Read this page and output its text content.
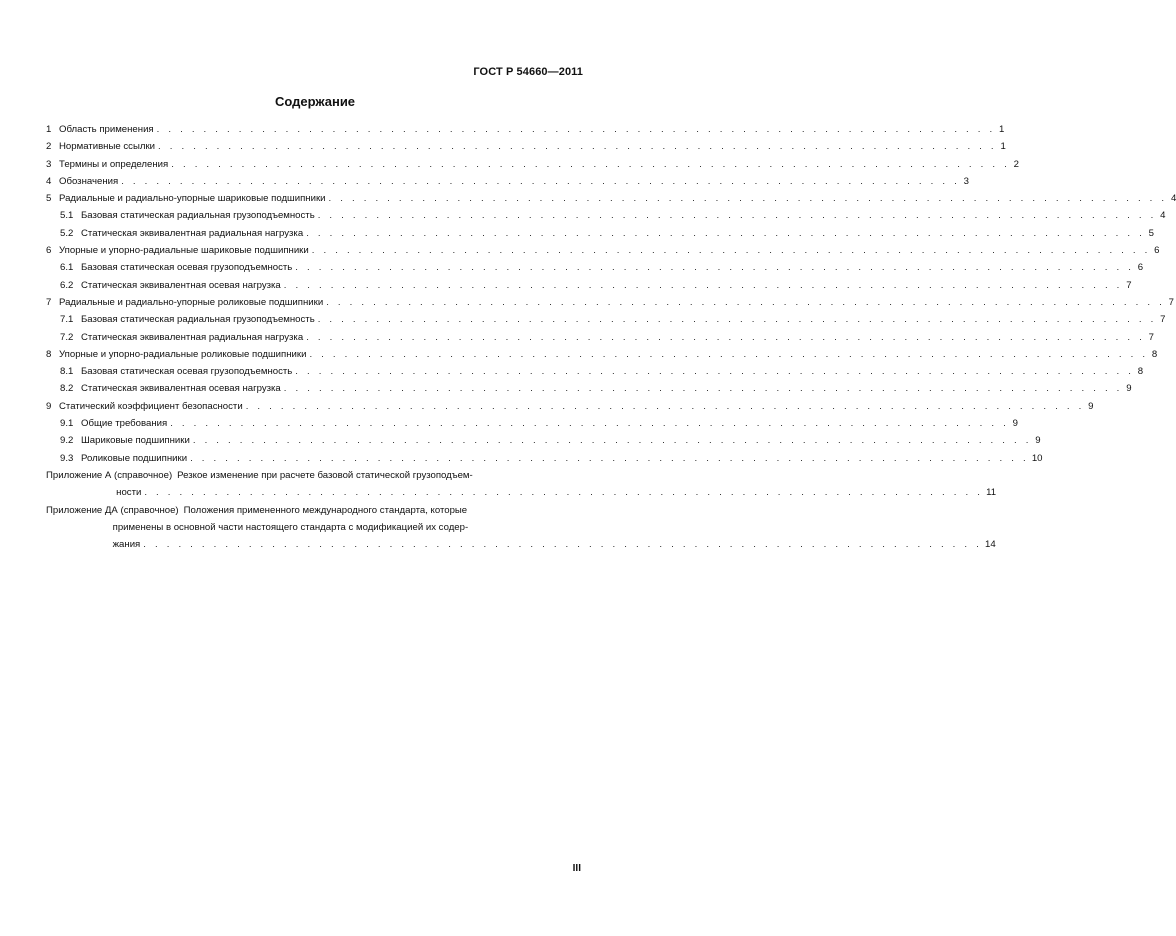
ГОСТ Р 54660—2011
Содержание
1 Область применения . . . . . . . . . . . . . . . . . . . . . . . . . . . . . . . . . . . . . . . . . . . . . . . . . . . . . . . . . . . . . . . . . . . . . . . . 1
2 Нормативные ссылки . . . . . . . . . . . . . . . . . . . . . . . . . . . . . . . . . . . . . . . . . . . . . . . . . . . . . . . . . . . . . . . . . . . . . . . . 1
3 Термины и определения . . . . . . . . . . . . . . . . . . . . . . . . . . . . . . . . . . . . . . . . . . . . . . . . . . . . . . . . . . . . . . . . . . . . . . . . 2
4 Обозначения . . . . . . . . . . . . . . . . . . . . . . . . . . . . . . . . . . . . . . . . . . . . . . . . . . . . . . . . . . . . . . . . . . . . . . . . 3
5 Радиальные и радиально-упорные шариковые подшипники . . . . . . . . . . . . . . . . . . . . . . . . . . . . . . . . . . . . . . . . . . . . . . . . . . . . . . . . . . . . . . . . . . . . . . . . 4
5.1 Базовая статическая радиальная грузоподъемность . . . . . . . . . . . . . . . . . . . . . . . . . . . . . . . . . . . . . . . . . . . . . . . . . . . . . . . . . . . . . . . . . . . . . . . . 4
5.2 Статическая эквивалентная радиальная нагрузка . . . . . . . . . . . . . . . . . . . . . . . . . . . . . . . . . . . . . . . . . . . . . . . . . . . . . . . . . . . . . . . . . . . . . . . . 5
6 Упорные и упорно-радиальные шариковые подшипники . . . . . . . . . . . . . . . . . . . . . . . . . . . . . . . . . . . . . . . . . . . . . . . . . . . . . . . . . . . . . . . . . . . . . . . . 6
6.1 Базовая статическая осевая грузоподъемность . . . . . . . . . . . . . . . . . . . . . . . . . . . . . . . . . . . . . . . . . . . . . . . . . . . . . . . . . . . . . . . . . . . . . . . . 6
6.2 Статическая эквивалентная осевая нагрузка . . . . . . . . . . . . . . . . . . . . . . . . . . . . . . . . . . . . . . . . . . . . . . . . . . . . . . . . . . . . . . . . . . . . . . . . 7
7 Радиальные и радиально-упорные роликовые подшипники . . . . . . . . . . . . . . . . . . . . . . . . . . . . . . . . . . . . . . . . . . . . . . . . . . . . . . . . . . . . . . . . . . . . . . . . 7
7.1 Базовая статическая радиальная грузоподъемность . . . . . . . . . . . . . . . . . . . . . . . . . . . . . . . . . . . . . . . . . . . . . . . . . . . . . . . . . . . . . . . . . . . . . . . . 7
7.2 Статическая эквивалентная радиальная нагрузка . . . . . . . . . . . . . . . . . . . . . . . . . . . . . . . . . . . . . . . . . . . . . . . . . . . . . . . . . . . . . . . . . . . . . . . . 7
8 Упорные и упорно-радиальные роликовые подшипники . . . . . . . . . . . . . . . . . . . . . . . . . . . . . . . . . . . . . . . . . . . . . . . . . . . . . . . . . . . . . . . . . . . . . . . . 8
8.1 Базовая статическая осевая грузоподъемность . . . . . . . . . . . . . . . . . . . . . . . . . . . . . . . . . . . . . . . . . . . . . . . . . . . . . . . . . . . . . . . . . . . . . . . . 8
8.2 Статическая эквивалентная осевая нагрузка . . . . . . . . . . . . . . . . . . . . . . . . . . . . . . . . . . . . . . . . . . . . . . . . . . . . . . . . . . . . . . . . . . . . . . . . 9
9 Статический коэффициент безопасности . . . . . . . . . . . . . . . . . . . . . . . . . . . . . . . . . . . . . . . . . . . . . . . . . . . . . . . . . . . . . . . . . . . . . . . . 9
9.1 Общие требования . . . . . . . . . . . . . . . . . . . . . . . . . . . . . . . . . . . . . . . . . . . . . . . . . . . . . . . . . . . . . . . . . . . . . . . . 9
9.2 Шариковые подшипники . . . . . . . . . . . . . . . . . . . . . . . . . . . . . . . . . . . . . . . . . . . . . . . . . . . . . . . . . . . . . . . . . . . . . . . . 9
9.3 Роликовые подшипники . . . . . . . . . . . . . . . . . . . . . . . . . . . . . . . . . . . . . . . . . . . . . . . . . . . . . . . . . . . . . . . . . . . . . . . . 10
Приложение А (справочное) Резкое изменение при расчете базовой статической грузоподъем-
ности . . . . . . . . . . . . . . . . . . . . . . . . . . . . . . . . . . . . . . . . . . . . . . . . . . . . . . . . . . . . . . . . . . . . . . . . 11
Приложение ДА (справочное) Положения примененного международного стандарта, которые
применены в основной части настоящего стандарта с модификацией их содер-
жания . . . . . . . . . . . . . . . . . . . . . . . . . . . . . . . . . . . . . . . . . . . . . . . . . . . . . . . . . . . . . . . . . . . . . . . . 14
III
